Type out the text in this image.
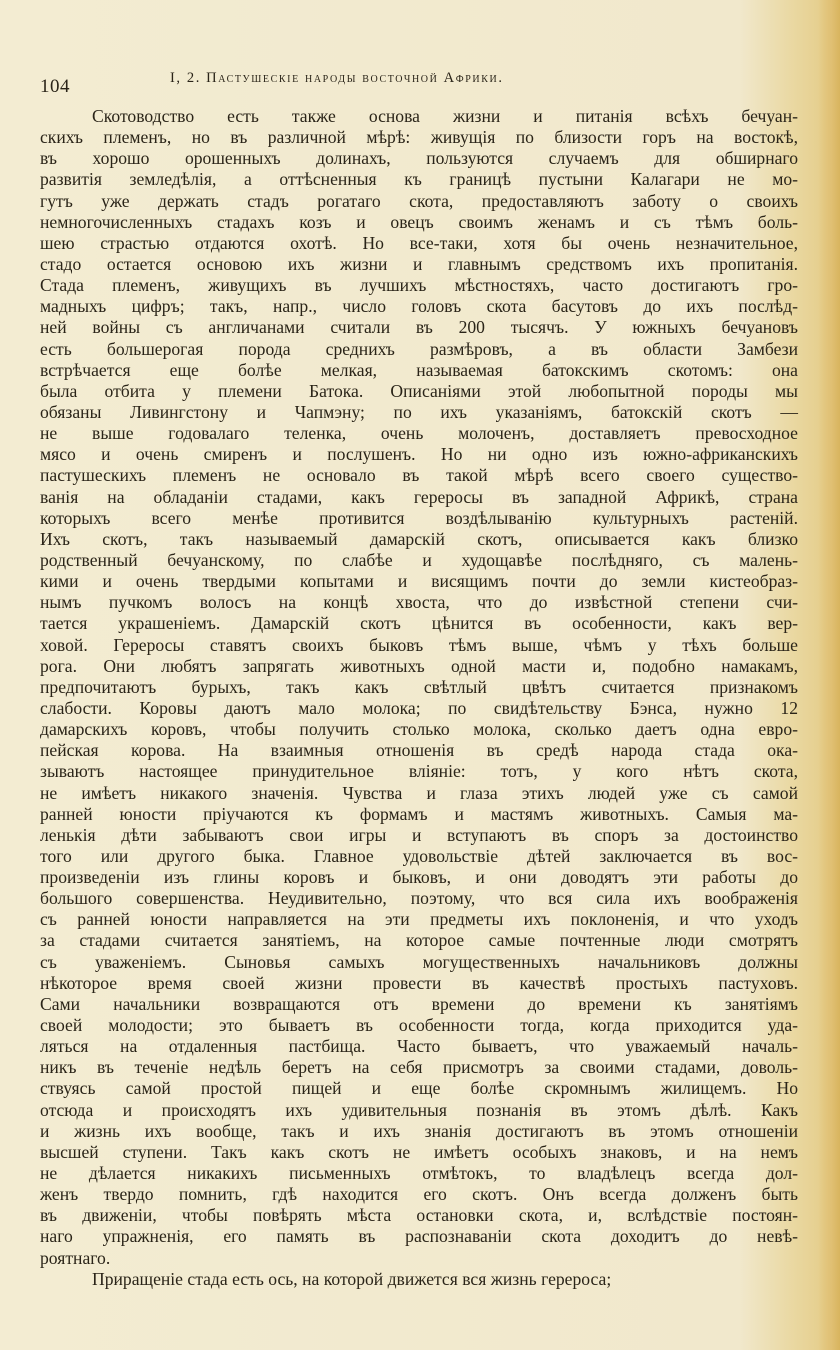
104	I, 2. Пастушескіе народы восточной Африки.
Скотоводство есть также основа жизни и питанія всѣхъ бечуан-
скихъ племенъ, но въ различной мѣрѣ: живущія по близости горъ на востокѣ,
въ хорошо орошенныхъ долинахъ, пользуются случаемъ для обширнаго
развитія земледѣлія, а оттѣсненныя къ границѣ пустыни Калагари не мо-
гутъ уже держать стадъ рогатаго скота, предоставляютъ заботу о своихъ
немногочисленныхъ стадахъ козъ и овецъ своимъ женамъ и съ тѣмъ боль-
шею страстью отдаются охотѣ. Но все-таки, хотя бы очень незначительное,
стадо остается основою ихъ жизни и главнымъ средствомъ ихъ пропитанія.
Стада племенъ, живущихъ въ лучшихъ мѣстностяхъ, часто достигаютъ гро-
мадныхъ цифръ; такъ, напр., число головъ скота басутовъ до ихъ послѣд-
ней войны съ англичанами считали въ 200 тысячъ. У южныхъ бечуановъ
есть большерогая порода среднихъ размѣровъ, а въ области Замбези
встрѣчается еще болѣе мелкая, называемая батокскимъ скотомъ: она
была отбита у племени Батока. Описаніями этой любопытной породы мы
обязаны Ливингстону и Чапмэну; по ихъ указаніямъ, батокскій скотъ —
не выше годовалаго теленка, очень молоченъ, доставляетъ превосходное
мясо и очень смиренъ и послушенъ. Но ни одно изъ южно-африканскихъ
пастушескихъ племенъ не основало въ такой мѣрѣ всего своего существо-
ванія на обладаніи стадами, какъ гереросы въ западной Африкѣ, страна
которыхъ всего менѣе противится воздѣлыванію культурныхъ растеній.
Ихъ скотъ, такъ называемый дамарскій скотъ, описывается какъ близко
родственный бечуанскому, по слабѣе и худощавѣе послѣдняго, съ малень-
кими и очень твердыми копытами и висящимъ почти до земли кистеобраз-
нымъ пучкомъ волосъ на концѣ хвоста, что до извѣстной степени счи-
тается украшеніемъ. Дамарскій скотъ цѣнится въ особенности, какъ вер-
ховой. Гереросы ставятъ своихъ быковъ тѣмъ выше, чѣмъ у тѣхъ больше
рога. Они любятъ запрягать животныхъ одной масти и, подобно намакамъ,
предпочитаютъ бурыхъ, такъ какъ свѣтлый цвѣтъ считается признакомъ
слабости. Коровы даютъ мало молока; по свидѣтельству Бэнса, нужно 12
дамарскихъ коровъ, чтобы получить столько молока, сколько даетъ одна евро-
пейская корова. На взаимныя отношенія въ средѣ народа стада ока-
зываютъ настоящее принудительное вліяніе: тотъ, у кого нѣтъ скота,
не имѣетъ никакого значенія. Чувства и глаза этихъ людей уже съ самой
ранней юности пріучаются къ формамъ и мастямъ животныхъ. Самыя ма-
ленькія дѣти забываютъ свои игры и вступаютъ въ споръ за достоинство
того или другого быка. Главное удовольствіе дѣтей заключается въ вос-
произведеніи изъ глины коровъ и быковъ, и они доводятъ эти работы до
большого совершенства. Неудивительно, поэтому, что вся сила ихъ воображенія
съ ранней юности направляется на эти предметы ихъ поклоненія, и что уходъ
за стадами считается занятіемъ, на которое самые почтенные люди смотрятъ
съ уваженіемъ. Сыновья самыхъ могущественныхъ начальниковъ должны
нѣкоторое время своей жизни провести въ качествѣ простыхъ пастуховъ.
Сами начальники возвращаются отъ времени до времени къ занятіямъ
своей молодости; это бываетъ въ особенности тогда, когда приходится уда-
ляться на отдаленныя пастбища. Часто бываетъ, что уважаемый началь-
никъ въ теченіе недѣль беретъ на себя присмотръ за своими стадами, доволь-
ствуясь самой простой пищей и еще болѣе скромнымъ жилищемъ. Но
отсюда и происходятъ ихъ удивительныя познанія въ этомъ дѣлѣ. Какъ
и жизнь ихъ вообще, такъ и ихъ знанія достигаютъ въ этомъ отношеніи
высшей ступени. Такъ какъ скотъ не имѣетъ особыхъ знаковъ, и на немъ
не дѣлается никакихъ письменныхъ отмѣтокъ, то владѣлецъ всегда дол-
женъ твердо помнить, гдѣ находится его скотъ. Онъ всегда долженъ быть
въ движеніи, чтобы повѣрять мѣста остановки скота, и, вслѣдствіе постоян-
наго упражненія, его память въ распознаваніи скота доходитъ до невѣ-
роятнаго.
Приращеніе стада есть ось, на которой движется вся жизнь герероса;
